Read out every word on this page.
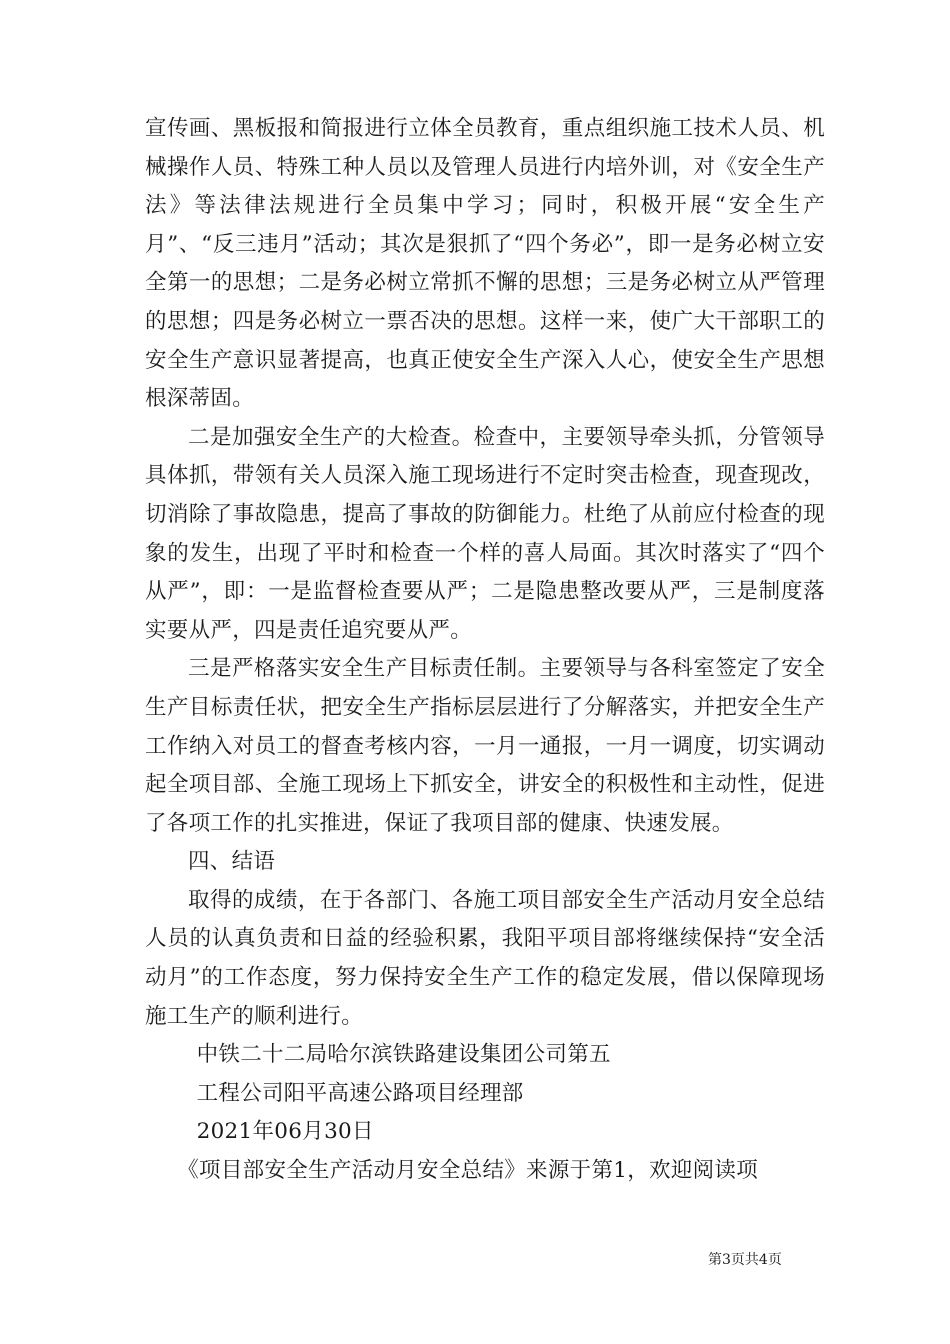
宣传画、黑板报和简报进行立体全员教育，重点组织施工技术人员、机械操作人员、特殊工种人员以及管理人员进行内培外训，对《安全生产法》等法律法规进行全员集中学习；同时，积极开展“安全生产月”、“反三违月”活动；其次是狠抓了“四个务必”，即一是务必树立安全第一的思想；二是务必树立常抓不懈的思想；三是务必树立从严管理的思想；四是务必树立一票否决的思想。这样一来，使广大干部职工的安全生产意识显著提高，也真正使安全生产深入人心，使安全生产思想根深蒂固。

二是加强安全生产的大检查。检查中，主要领导牵头抓，分管领导具体抓，带领有关人员深入施工现场进行不定时突击检查，现查现改，切消除了事故隐患，提高了事故的防御能力。杜绝了从前应付检查的现象的发生，出现了平时和检查一个样的喜人局面。其次时落实了“四个从严”，即：一是监督检查要从严；二是隐患整改要从严，三是制度落实要从严，四是责任追究要从严。

三是严格落实安全生产目标责任制。主要领导与各科室签定了安全生产目标责任状，把安全生产指标层层进行了分解落实，并把安全生产工作纳入对员工的督查考核内容，一月一通报，一月一调度，切实调动起全项目部、全施工现场上下抓安全，讲安全的积极性和主动性，促进了各项工作的扎实推进，保证了我项目部的健康、快速发展。

四、结语

取得的成绩，在于各部门、各施工项目部安全生产活动月安全总结人员的认真负责和日益的经验积累，我阳平项目部将继续保持“安全活动月”的工作态度，努力保持安全生产工作的稳定发展，借以保障现场施工生产的顺利进行。

中铁二十二局哈尔滨铁路建设集团公司第五

工程公司阳平高速公路项目经理部

2021年06月30日

《项目部安全生产活动月安全总结》来源于第1，欢迎阅读项

第3页共4页
